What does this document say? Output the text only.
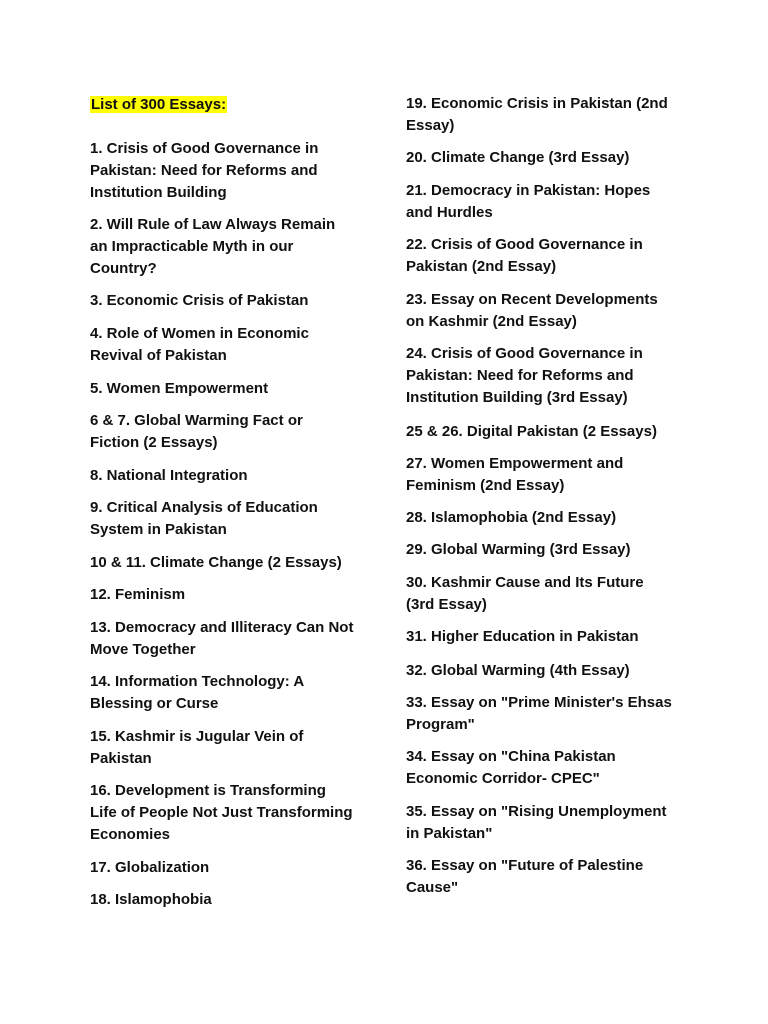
List of 300 Essays:
1. Crisis of Good Governance in
Pakistan: Need for Reforms and
Institution Building
2. Will Rule of Law Always Remain
an Impracticable Myth in our
Country?
3. Economic Crisis of Pakistan
4. Role of Women in Economic
Revival of Pakistan
5. Women Empowerment
6 & 7. Global Warming Fact or
Fiction (2 Essays)
8. National Integration
9. Critical Analysis of Education
System in Pakistan
10 & 11. Climate Change (2 Essays)
12. Feminism
13. Democracy and Illiteracy Can Not
Move Together
14. Information Technology: A
Blessing or Curse
15. Kashmir is Jugular Vein of
Pakistan
16. Development is Transforming
Life of People Not Just Transforming
Economies
17. Globalization
18. Islamophobia
19. Economic Crisis in Pakistan (2nd
Essay)
20. Climate Change (3rd Essay)
21. Democracy in Pakistan: Hopes
and Hurdles
22. Crisis of Good Governance in
Pakistan (2nd Essay)
23. Essay on Recent Developments
on Kashmir (2nd Essay)
24. Crisis of Good Governance in
Pakistan: Need for Reforms and
Institution Building (3rd Essay)
25 & 26. Digital Pakistan (2 Essays)
27. Women Empowerment and
Feminism (2nd Essay)
28. Islamophobia (2nd Essay)
29. Global Warming (3rd Essay)
30. Kashmir Cause and Its Future
(3rd Essay)
31. Higher Education in Pakistan
32. Global Warming (4th Essay)
33. Essay on "Prime Minister's Ehsas
Program"
34. Essay on "China Pakistan
Economic Corridor- CPEC"
35. Essay on "Rising Unemployment
in Pakistan"
36. Essay on "Future of Palestine
Cause"
